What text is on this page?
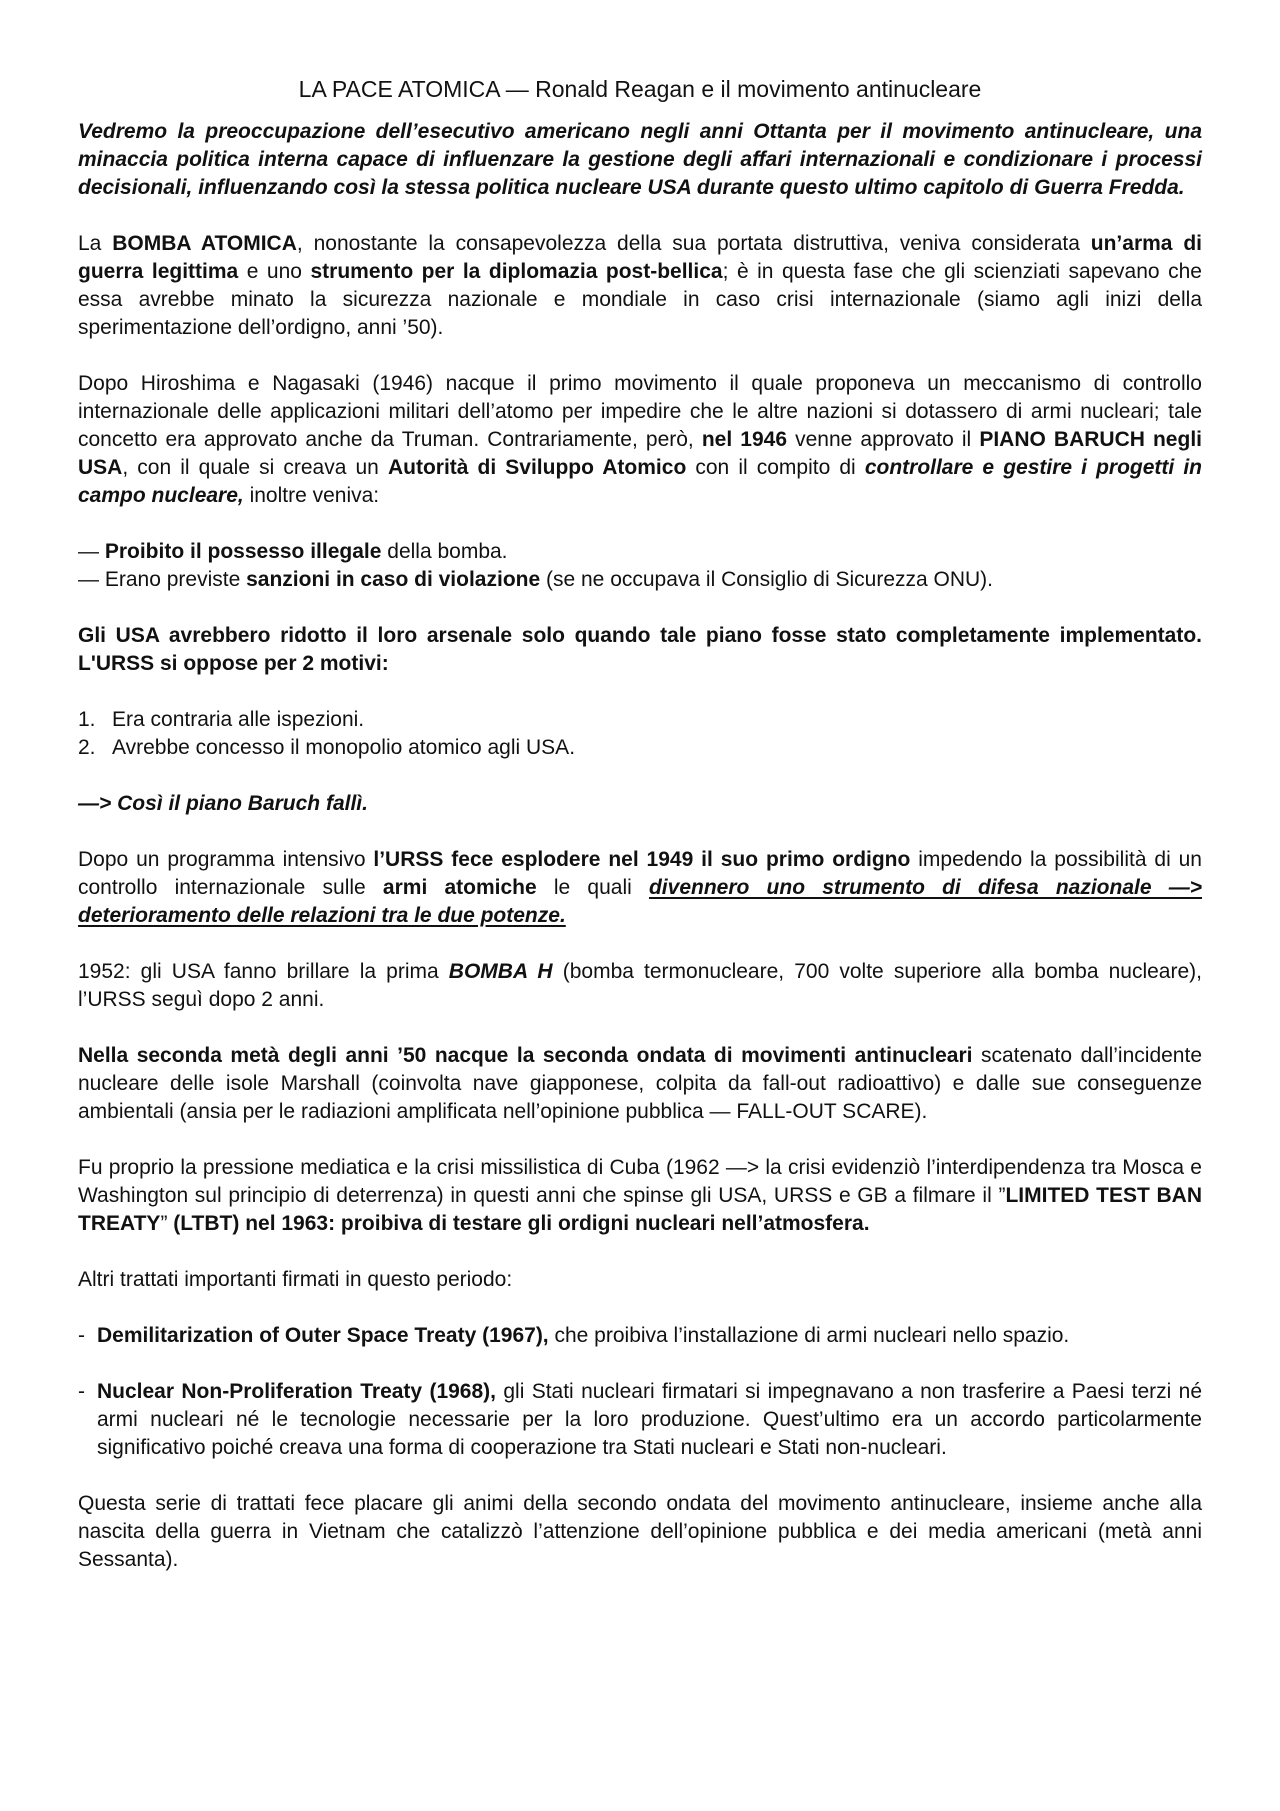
LA PACE ATOMICA — Ronald Reagan e il movimento antinucleare

Vedremo la preoccupazione dell’esecutivo americano negli anni Ottanta per il movimento antinucleare, una minaccia politica interna capace di influenzare la gestione degli affari internazionali e condizionare i processi decisionali, influenzando così la stessa politica nucleare USA durante questo ultimo capitolo di Guerra Fredda.

La BOMBA ATOMICA, nonostante la consapevolezza della sua portata distruttiva, veniva considerata un’arma di guerra legittima e uno strumento per la diplomazia post-bellica; è in questa fase che gli scienziati sapevano che essa avrebbe minato la sicurezza nazionale e mondiale in caso crisi internazionale (siamo agli inizi della sperimentazione dell’ordigno, anni ’50).

Dopo Hiroshima e Nagasaki (1946) nacque il primo movimento il quale proponeva un meccanismo di controllo internazionale delle applicazioni militari dell’atomo per impedire che le altre nazioni si dotassero di armi nucleari; tale concetto era approvato anche da Truman. Contrariamente, però, nel 1946 venne approvato il PIANO BARUCH negli USA, con il quale si creava un Autorità di Sviluppo Atomico con il compito di controllare e gestire i progetti in campo nucleare, inoltre veniva:

— Proibito il possesso illegale della bomba.
— Erano previste sanzioni in caso di violazione (se ne occupava il Consiglio di Sicurezza ONU).

Gli USA avrebbero ridotto il loro arsenale solo quando tale piano fosse stato completamente implementato. L'URSS si oppose per 2 motivi:

1. Era contraria alle ispezioni.
2. Avrebbe concesso il monopolio atomico agli USA.

—> Così il piano Baruch fallì.

Dopo un programma intensivo l’URSS fece esplodere nel 1949 il suo primo ordigno impedendo la possibilità di un controllo internazionale sulle armi atomiche le quali divennero uno strumento di difesa nazionale —> deterioramento delle relazioni tra le due potenze.

1952: gli USA fanno brillare la prima BOMBA H (bomba termonucleare, 700 volte superiore alla bomba nucleare), l’URSS seguì dopo 2 anni.

Nella seconda metà degli anni ’50 nacque la seconda ondata di movimenti antinucleari scatenato dall’incidente nucleare delle isole Marshall (coinvolta nave giapponese, colpita da fall-out radioattivo) e dalle sue conseguenze ambientali (ansia per le radiazioni amplificata nell’opinione pubblica — FALL-OUT SCARE).

Fu proprio la pressione mediatica e la crisi missilistica di Cuba (1962 —> la crisi evidenziò l’interdipendenza tra Mosca e Washington sul principio di deterrenza) in questi anni che spinse gli USA, URSS e GB a filmare il ”LIMITED TEST BAN TREATY” (LTBT) nel 1963: proibiva di testare gli ordigni nucleari nell’atmosfera.

Altri trattati importanti firmati in questo periodo:

- Demilitarization of Outer Space Treaty (1967), che proibiva l’installazione di armi nucleari nello spazio.
- Nuclear Non-Proliferation Treaty (1968), gli Stati nucleari firmatari si impegnavano a non trasferire a Paesi terzi né armi nucleari né le tecnologie necessarie per la loro produzione. Quest’ultimo era un accordo particolarmente significativo poiché creava una forma di cooperazione tra Stati nucleari e Stati non-nucleari.

Questa serie di trattati fece placare gli animi della secondo ondata del movimento antinucleare, insieme anche alla nascita della guerra in Vietnam che catalizzò l’attenzione dell’opinione pubblica e dei media americani (metà anni Sessanta).
